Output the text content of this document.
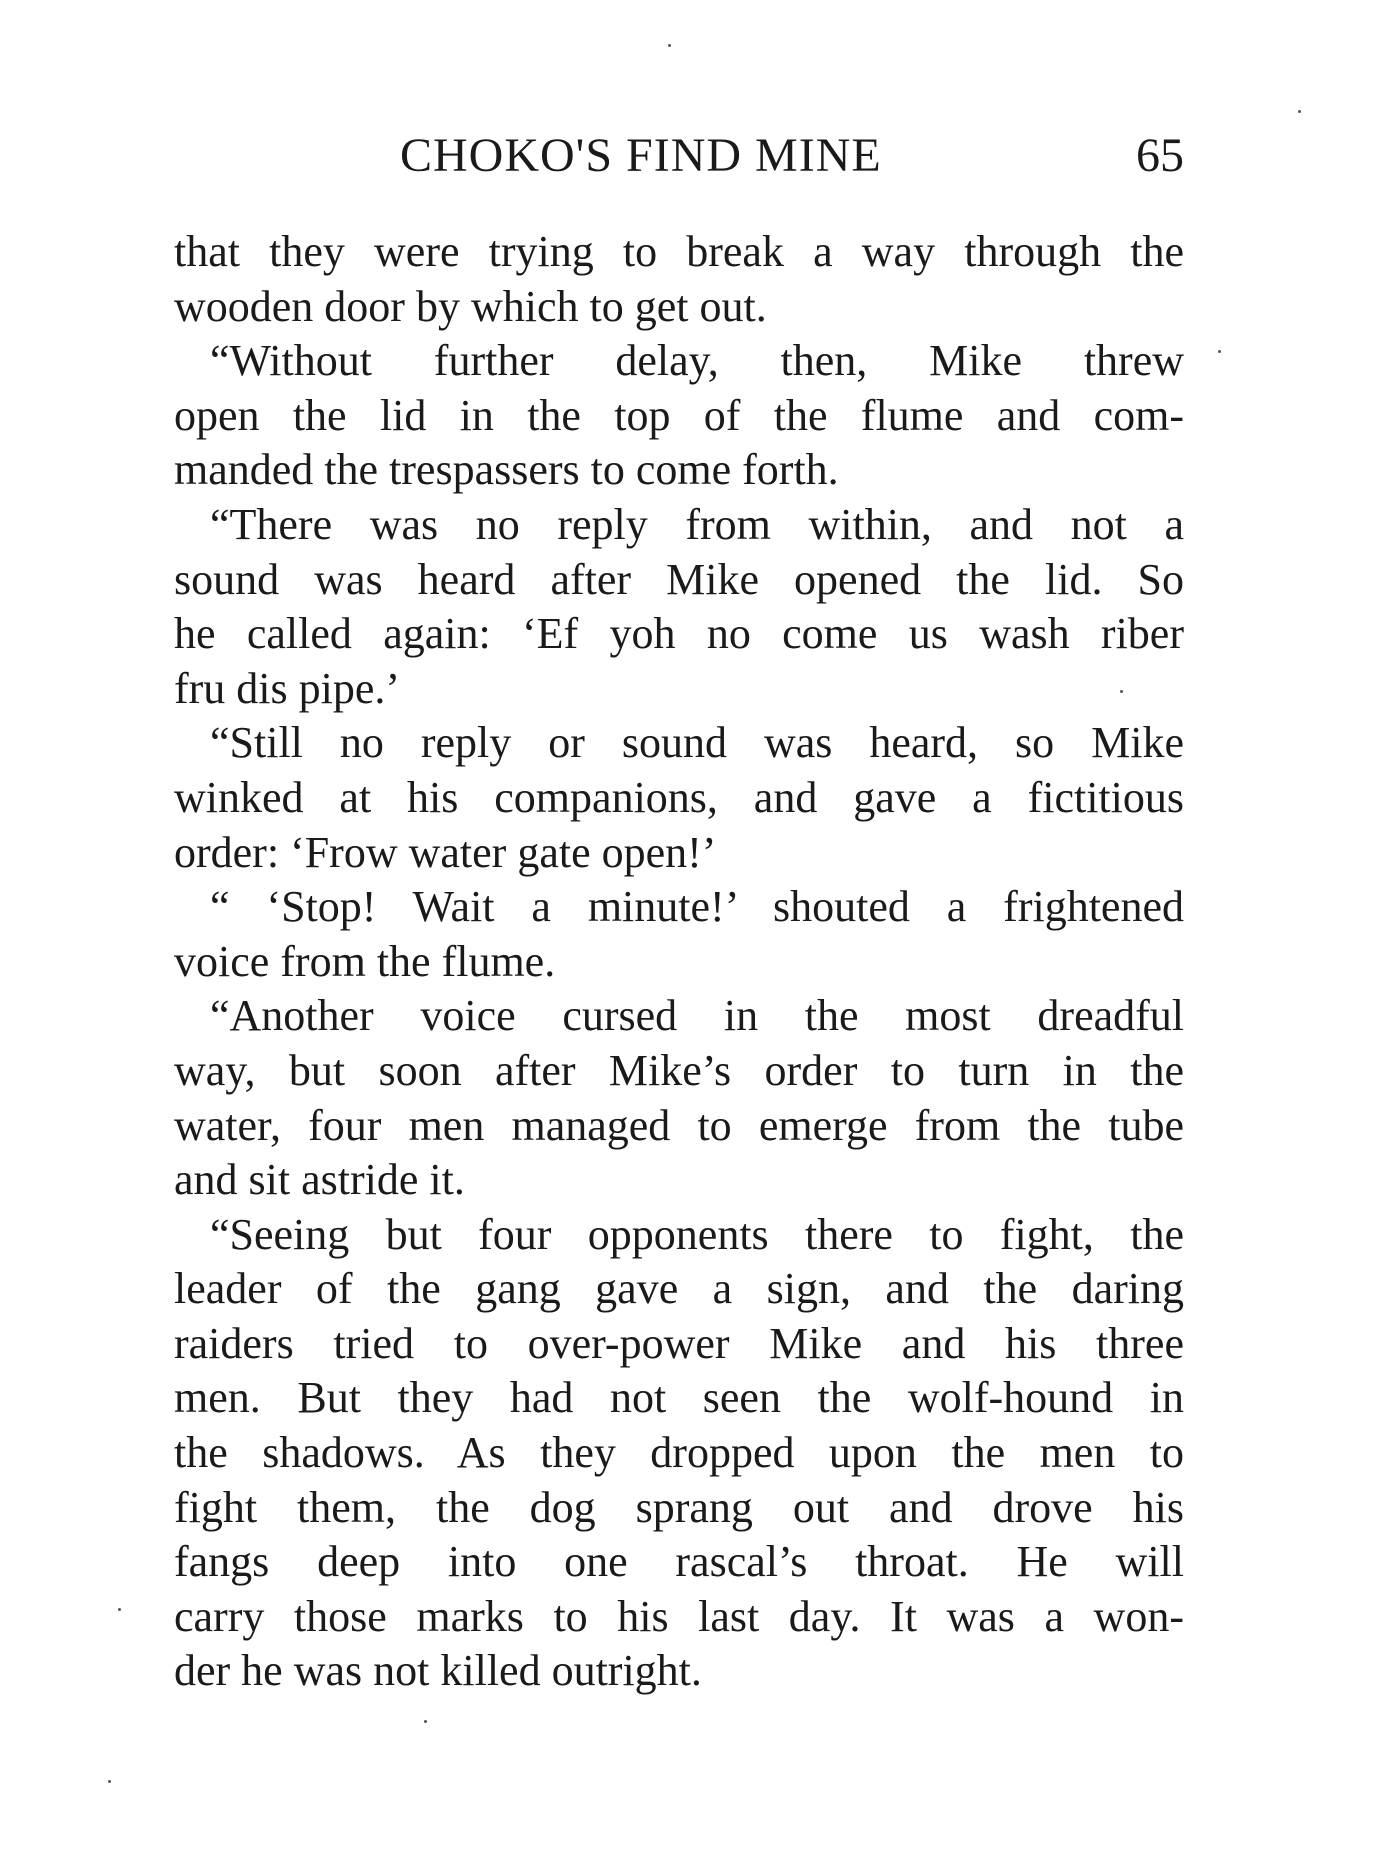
CHOKO'S FIND MINE	65
that they were trying to break a way through the
wooden door by which to get out.
“Without further delay, then, Mike threw
open the lid in the top of the flume and com-
manded the trespassers to come forth.
“There was no reply from within, and not a
sound was heard after Mike opened the lid. So
he called again: ‘Ef yoh no come us wash riber
fru dis pipe.’
“Still no reply or sound was heard, so Mike
winked at his companions, and gave a fictitious
order: ‘Frow water gate open!’
“ ‘Stop! Wait a minute!’ shouted a frightened
voice from the flume.
“Another voice cursed in the most dreadful
way, but soon after Mike’s order to turn in the
water, four men managed to emerge from the tube
and sit astride it.
“Seeing but four opponents there to fight, the
leader of the gang gave a sign, and the daring
raiders tried to over-power Mike and his three
men. But they had not seen the wolf-hound in
the shadows. As they dropped upon the men to
fight them, the dog sprang out and drove his
fangs deep into one rascal’s throat. He will
carry those marks to his last day. It was a won-
der he was not killed outright.
